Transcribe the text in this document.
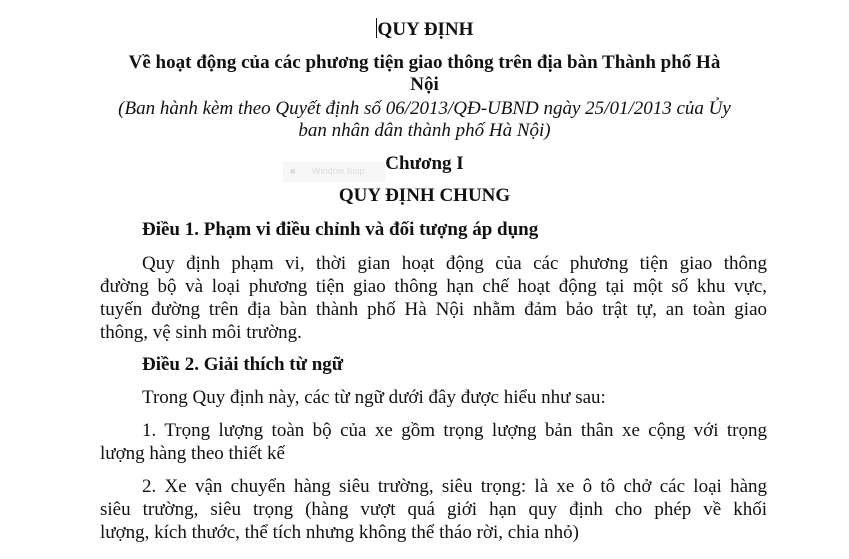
QUY ĐỊNH
Về hoạt động của các phương tiện giao thông trên địa bàn Thành phố Hà
Nội
(Ban hành kèm theo Quyết định số 06/2013/QĐ-UBND ngày 25/01/2013 của Ủy
ban nhân dân thành phố Hà Nội)
■ Window Snip	Chương I
QUY ĐỊNH CHUNG
Điều 1. Phạm vi điều chỉnh và đối tượng áp dụng
Quy định phạm vi, thời gian hoạt động của các phương tiện giao thông
đường bộ và loại phương tiện giao thông hạn chế hoạt động tại một số khu vực,
tuyến đường trên địa bàn thành phố Hà Nội nhằm đảm bảo trật tự, an toàn giao
thông, vệ sinh môi trường.
Điều 2. Giải thích từ ngữ
Trong Quy định này, các từ ngữ dưới đây được hiểu như sau:
1. Trọng lượng toàn bộ của xe gồm trọng lượng bản thân xe cộng với trọng
lượng hàng theo thiết kế
2. Xe vận chuyển hàng siêu trường, siêu trọng: là xe ô tô chở các loại hàng
siêu trường, siêu trọng (hàng vượt quá giới hạn quy định cho phép về khối
lượng, kích thước, thể tích nhưng không thể tháo rời, chia nhỏ)
